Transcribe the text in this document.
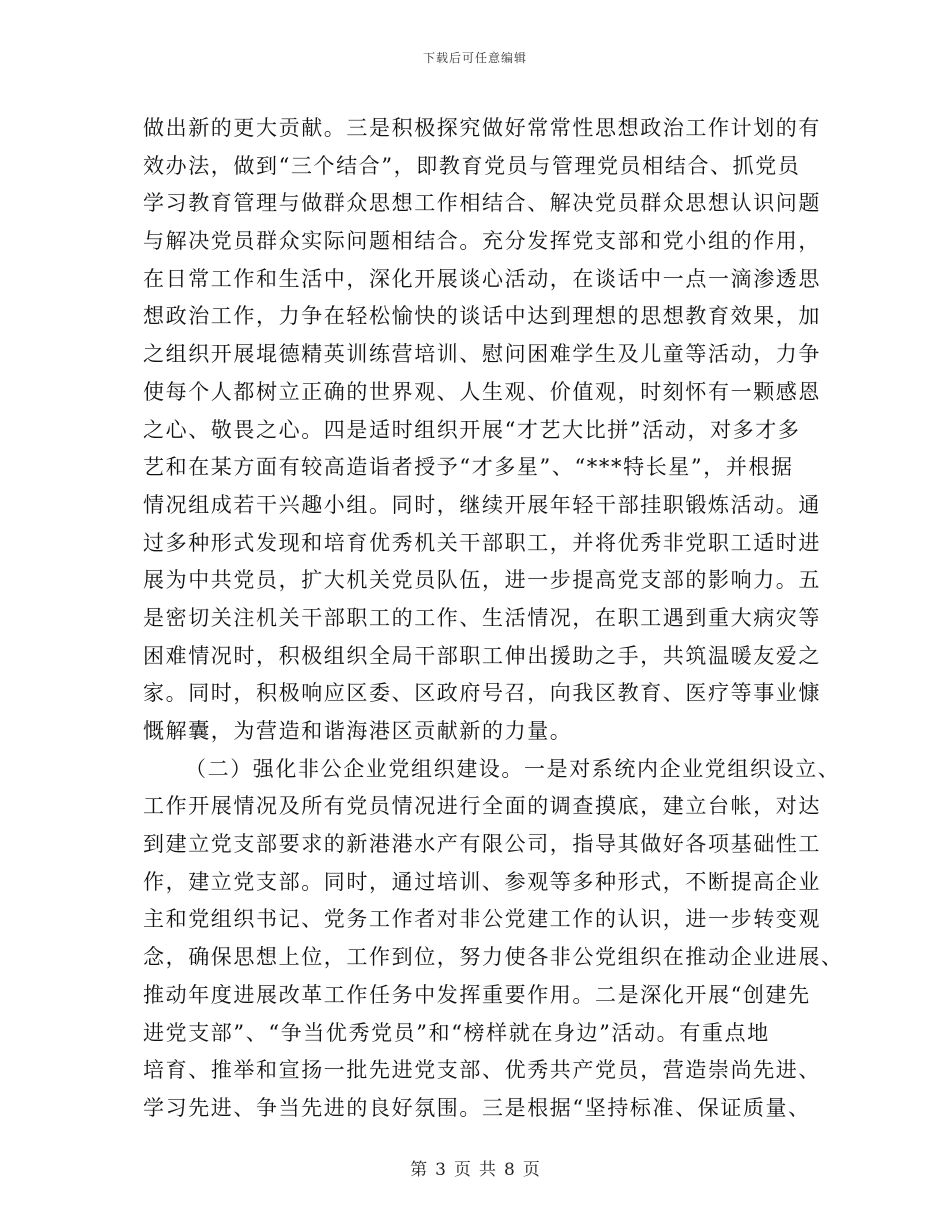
下载后可任意编辑
做出新的更大贡献。三是积极探究做好常常性思想政治工作计划的有
效办法，做到“三个结合”，即教育党员与管理党员相结合、抓党员
学习教育管理与做群众思想工作相结合、解决党员群众思想认识问题
与解决党员群众实际问题相结合。充分发挥党支部和党小组的作用，
在日常工作和生活中，深化开展谈心活动，在谈话中一点一滴渗透思
想政治工作，力争在轻松愉快的谈话中达到理想的思想教育效果，加
之组织开展堒德精英训练营培训、慰问困难学生及儿童等活动，力争
使每个人都树立正确的世界观、人生观、价值观，时刻怀有一颗感恩
之心、敬畏之心。四是适时组织开展“才艺大比拼”活动，对多才多
艺和在某方面有较高造诣者授予“才多星”、“***特长星”，并根据
情况组成若干兴趣小组。同时，继续开展年轻干部挂职锻炼活动。通
过多种形式发现和培育优秀机关干部职工，并将优秀非党职工适时进
展为中共党员，扩大机关党员队伍，进一步提高党支部的影响力。五
是密切关注机关干部职工的工作、生活情况，在职工遇到重大病灾等
困难情况时，积极组织全局干部职工伸出援助之手，共筑温暖友爱之
家。同时，积极响应区委、区政府号召，向我区教育、医疗等事业慷
慨解囊，为营造和谐海港区贡献新的力量。
（二）强化非公企业党组织建设。一是对系统内企业党组织设立、
工作开展情况及所有党员情况进行全面的调查摸底，建立台帐，对达
到建立党支部要求的新港港水产有限公司，指导其做好各项基础性工
作，建立党支部。同时，通过培训、参观等多种形式，不断提高企业
主和党组织书记、党务工作者对非公党建工作的认识，进一步转变观
念，确保思想上位，工作到位，努力使各非公党组织在推动企业进展、
推动年度进展改革工作任务中发挥重要作用。二是深化开展“创建先
进党支部”、“争当优秀党员”和“榜样就在身边”活动。有重点地
培育、推举和宣扬一批先进党支部、优秀共产党员，营造崇尚先进、
学习先进、争当先进的良好氛围。三是根据“坚持标准、保证质量、
第 3 页 共 8 页
